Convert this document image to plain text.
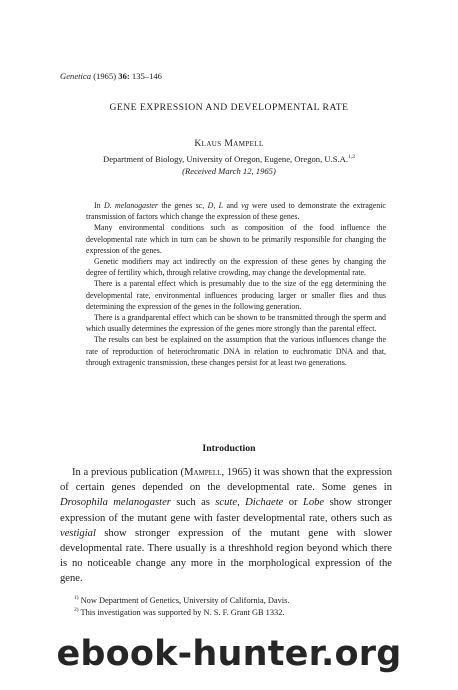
Genetica (1965) 36: 135–146
GENE EXPRESSION AND DEVELOPMENTAL RATE
Klaus Mampell
Department of Biology, University of Oregon, Eugene, Oregon, U.S.A.$^{1,2}$
(Received March 12, 1965)

In D. melanogaster the genes sc, D, L and vg were used to demonstrate the extragenic transmission of factors which change the expression of these genes.

Many environmental conditions such as composition of the food influence the developmental rate which in turn can be shown to be primarily responsible for changing the expression of the genes.

Genetic modifiers may act indirectly on the expression of these genes by changing the degree of fertility which, through relative crowding, may change the developmental rate.

There is a parental effect which is presumably due to the size of the egg determining the developmental rate, environmental influences producing larger or smaller flies and thus determining the expression of the genes in the following generation.

There is a grandparental effect which can be shown to be transmitted through the sperm and which usually determines the expression of the genes more strongly than the parental effect.

The results can best be explained on the assumption that the various influences change the rate of reproduction of heterochromatic DNA in relation to euchromatic DNA and that, through extragenic transmission, these changes persist for at least two generations.

Introduction

In a previous publication (Mampell, 1965) it was shown that the expression of certain genes depended on the developmental rate. Some genes in Drosophila melanogaster such as scute, Dichaete or Lobe show stronger expression of the mutant gene with faster developmental rate, others such as vestigial show stronger expression of the mutant gene with slower developmental rate. There usually is a threshhold region beyond which there is no noticeable change any more in the morphological expression of the gene.

$^{1)}$ Now Department of Genetics, University of California, Davis.
$^{2)}$ This investigation was supported by N. S. F. Grant GB 1332.
ebook-hunter.org
